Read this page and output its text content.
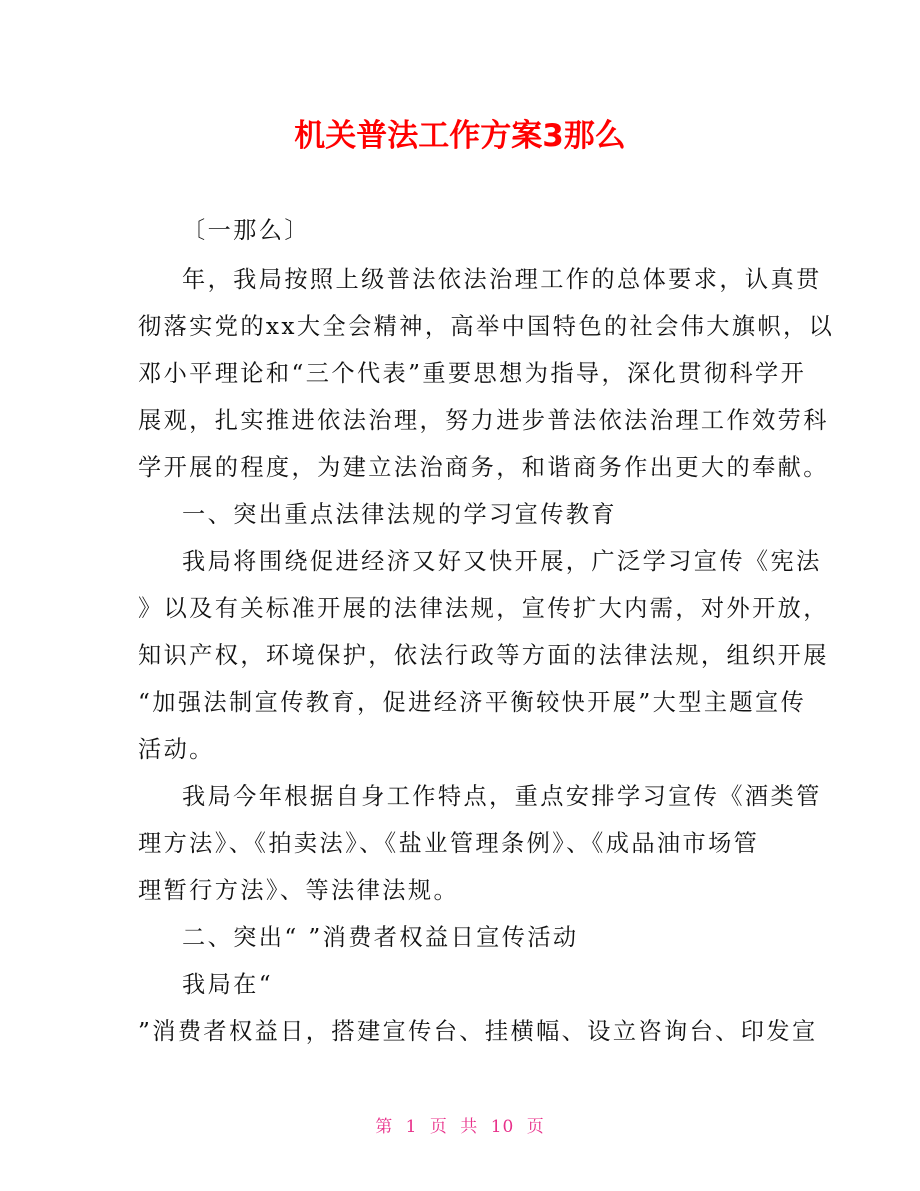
机关普法工作方案3那么
〔一那么〕
年，我局按照上级普法依法治理工作的总体要求，认真贯
彻落实党的xx大全会精神，高举中国特色的社会伟大旗帜，以
邓小平理论和“三个代表”重要思想为指导，深化贯彻科学开
展观，扎实推进依法治理，努力进步普法依法治理工作效劳科
学开展的程度，为建立法治商务，和谐商务作出更大的奉献。
一、突出重点法律法规的学习宣传教育
我局将围绕促进经济又好又快开展，广泛学习宣传《宪法
》以及有关标准开展的法律法规，宣传扩大内需，对外开放，
知识产权，环境保护，依法行政等方面的法律法规，组织开展
“加强法制宣传教育，促进经济平衡较快开展”大型主题宣传
活动。
我局今年根据自身工作特点，重点安排学习宣传《酒类管
理方法》、《拍卖法》、《盐业管理条例》、《成品油市场管
理暂行方法》、等法律法规。
二、突出“ ”消费者权益日宣传活动
我局在“
”消费者权益日，搭建宣传台、挂横幅、设立咨询台、印发宣
第 1 页 共 10 页
